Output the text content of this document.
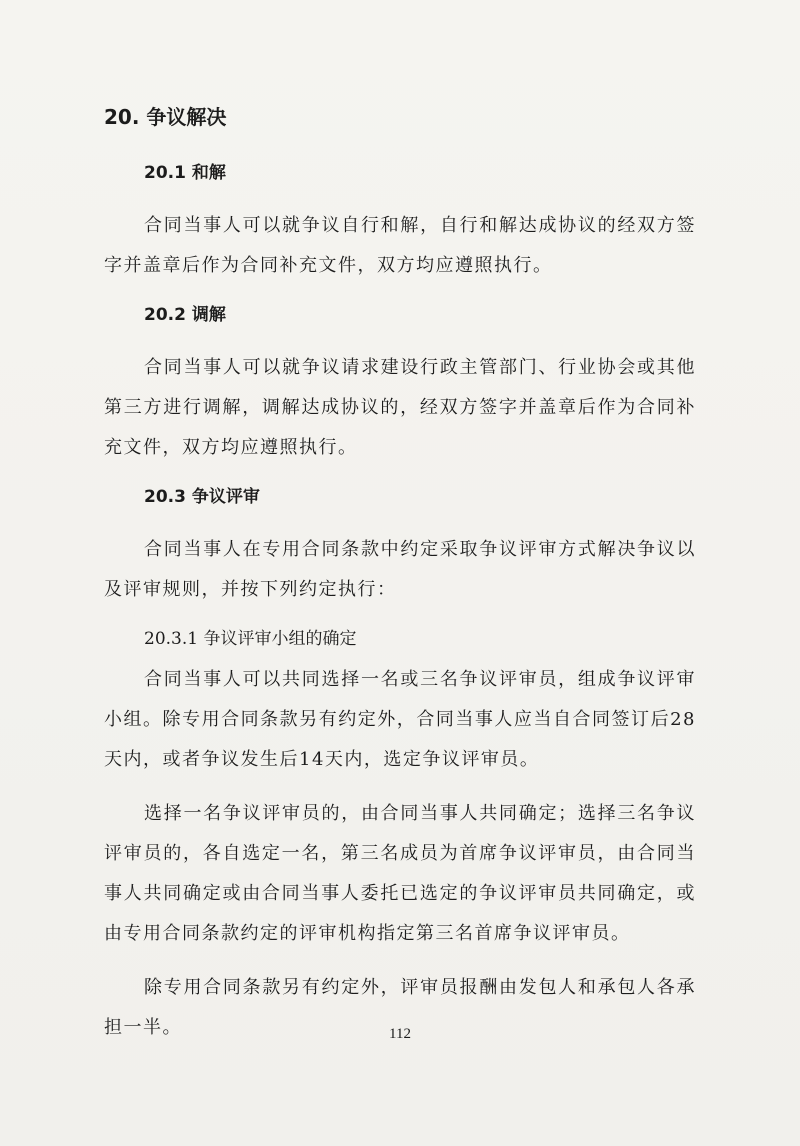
20. 争议解决
20.1 和解
合同当事人可以就争议自行和解，自行和解达成协议的经双方签字并盖章后作为合同补充文件，双方均应遵照执行。
20.2 调解
合同当事人可以就争议请求建设行政主管部门、行业协会或其他第三方进行调解，调解达成协议的，经双方签字并盖章后作为合同补充文件，双方均应遵照执行。
20.3 争议评审
合同当事人在专用合同条款中约定采取争议评审方式解决争议以及评审规则，并按下列约定执行：
20.3.1 争议评审小组的确定
合同当事人可以共同选择一名或三名争议评审员，组成争议评审小组。除专用合同条款另有约定外，合同当事人应当自合同签订后28天内，或者争议发生后14天内，选定争议评审员。
选择一名争议评审员的，由合同当事人共同确定；选择三名争议评审员的，各自选定一名，第三名成员为首席争议评审员，由合同当事人共同确定或由合同当事人委托已选定的争议评审员共同确定，或由专用合同条款约定的评审机构指定第三名首席争议评审员。
除专用合同条款另有约定外，评审员报酬由发包人和承包人各承担一半。	112
